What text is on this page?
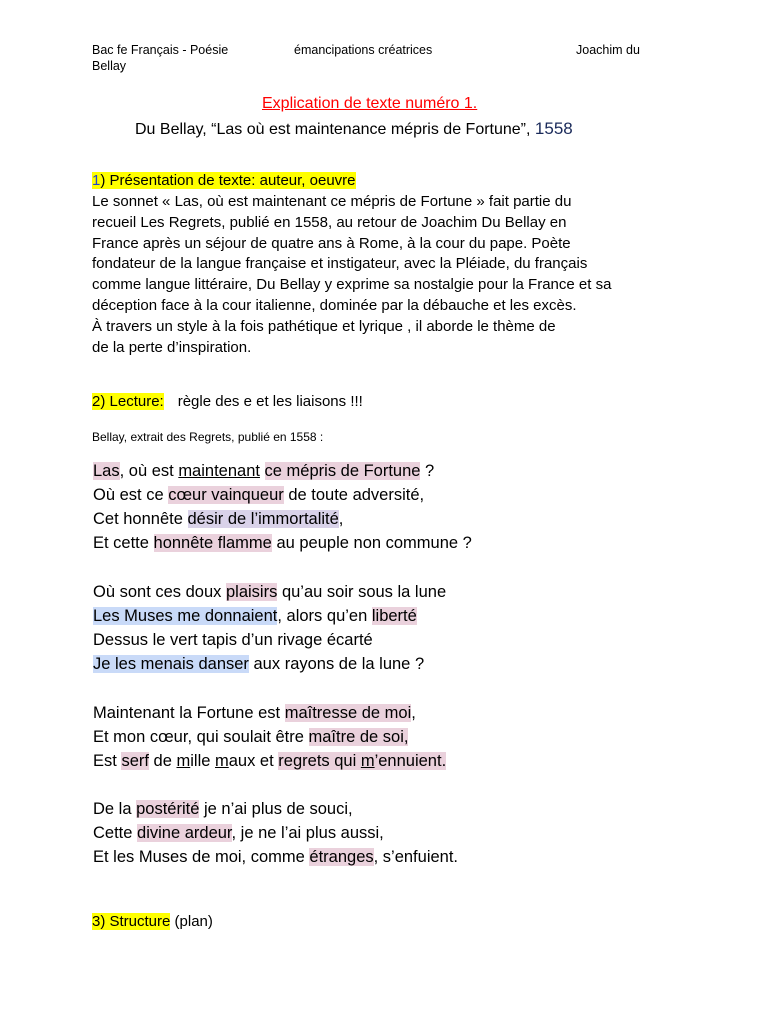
Bac fe Français - Poésie
Bellay
émancipations créatrices	Joachim du
Explication de texte numéro 1.
Du Bellay, “Las où est maintenance mépris de Fortune”, 1558
1) Présentation de texte: auteur, oeuvre
Le sonnet « Las, où est maintenant ce mépris de Fortune » fait partie du
recueil Les Regrets, publié en 1558, au retour de Joachim Du Bellay en
France après un séjour de quatre ans à Rome, à la cour du pape. Poète
fondateur de la langue française et instigateur, avec la Pléiade, du français
comme langue littéraire, Du Bellay y exprime sa nostalgie pour la France et sa
déception face à la cour italienne, dominée par la débauche et les excès.
À travers un style à la fois pathétique et lyrique , il aborde le thème de
de la perte d’inspiration.
2) Lecture: règle des e et les liaisons !!!
Bellay, extrait des Regrets, publié en 1558 :
Las, où est maintenant ce mépris de Fortune ?
Où est ce cœur vainqueur de toute adversité,
Cet honnête désir de l’immortalité,
Et cette honnête flamme au peuple non commune ?
Où sont ces doux plaisirs qu’au soir sous la lune
Les Muses me donnaient, alors qu’en liberté
Dessus le vert tapis d’un rivage écarté
Je les menais danser aux rayons de la lune ?
Maintenant la Fortune est maîtresse de moi,
Et mon cœur, qui soulait être maître de soi,
Est serf de mille maux et regrets qui m’ennuient.
De la postérité je n’ai plus de souci,
Cette divine ardeur, je ne l’ai plus aussi,
Et les Muses de moi, comme étranges, s’enfuient.
3) Structure (plan)
